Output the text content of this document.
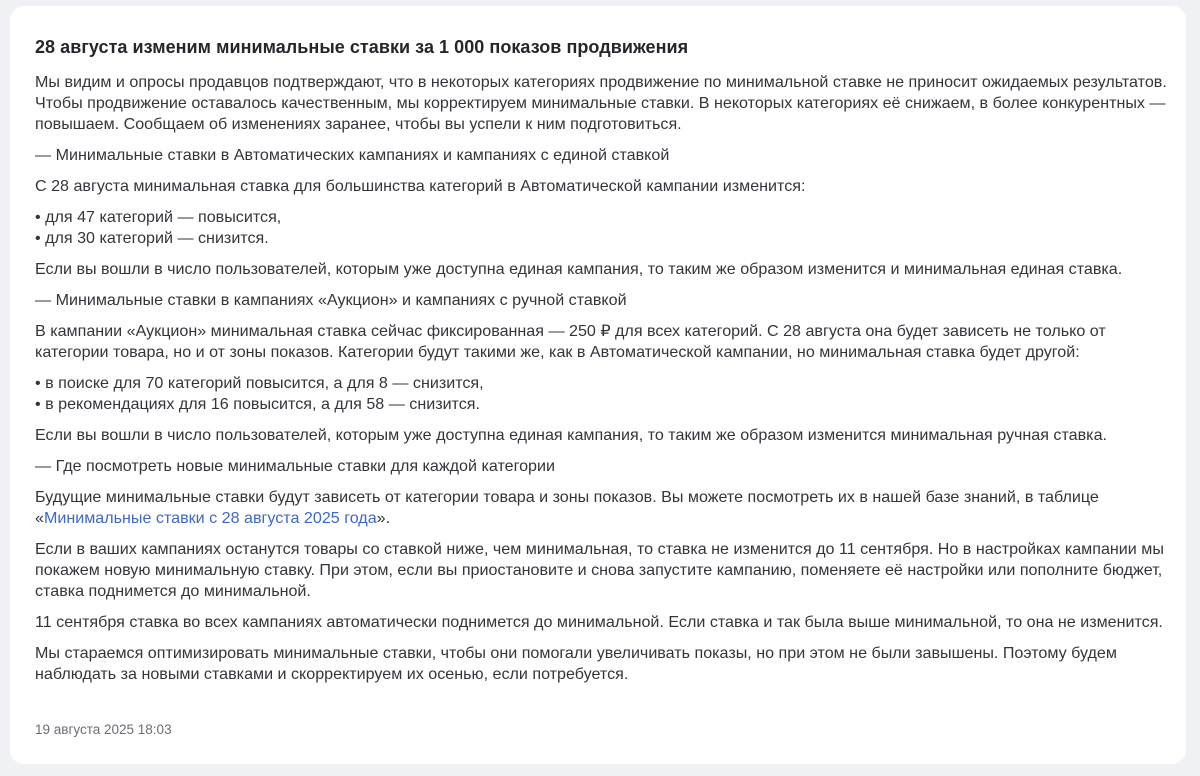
28 августа изменим минимальные ставки за 1 000 показов продвижения

Мы видим и опросы продавцов подтверждают, что в некоторых категориях продвижение по минимальной ставке не приносит ожидаемых результатов. Чтобы продвижение оставалось качественным, мы корректируем минимальные ставки. В некоторых категориях её снижаем, в более конкурентных — повышаем. Сообщаем об изменениях заранее, чтобы вы успели к ним подготовиться.

— Минимальные ставки в Автоматических кампаниях и кампаниях с единой ставкой

С 28 августа минимальная ставка для большинства категорий в Автоматической кампании изменится:

• для 47 категорий — повысится,

• для 30 категорий — снизится.

Если вы вошли в число пользователей, которым уже доступна единая кампания, то таким же образом изменится и минимальная единая ставка.

— Минимальные ставки в кампаниях «Аукцион» и кампаниях с ручной ставкой

В кампании «Аукцион» минимальная ставка сейчас фиксированная — 250 ₽ для всех категорий. С 28 августа она будет зависеть не только от категории товара, но и от зоны показов. Категории будут такими же, как в Автоматической кампании, но минимальная ставка будет другой:

• в поиске для 70 категорий повысится, а для 8 — снизится,

• в рекомендациях для 16 повысится, а для 58 — снизится.

Если вы вошли в число пользователей, которым уже доступна единая кампания, то таким же образом изменится минимальная ручная ставка.

— Где посмотреть новые минимальные ставки для каждой категории

Будущие минимальные ставки будут зависеть от категории товара и зоны показов. Вы можете посмотреть их в нашей базе знаний, в таблице «Минимальные ставки с 28 августа 2025 года».

Если в ваших кампаниях останутся товары со ставкой ниже, чем минимальная, то ставка не изменится до 11 сентября. Но в настройках кампании мы покажем новую минимальную ставку. При этом, если вы приостановите и снова запустите кампанию, поменяете её настройки или пополните бюджет, ставка поднимется до минимальной.

11 сентября ставка во всех кампаниях автоматически поднимется до минимальной. Если ставка и так была выше минимальной, то она не изменится.

Мы стараемся оптимизировать минимальные ставки, чтобы они помогали увеличивать показы, но при этом не были завышены. Поэтому будем наблюдать за новыми ставками и скорректируем их осенью, если потребуется.

19 августа 2025 18:03
